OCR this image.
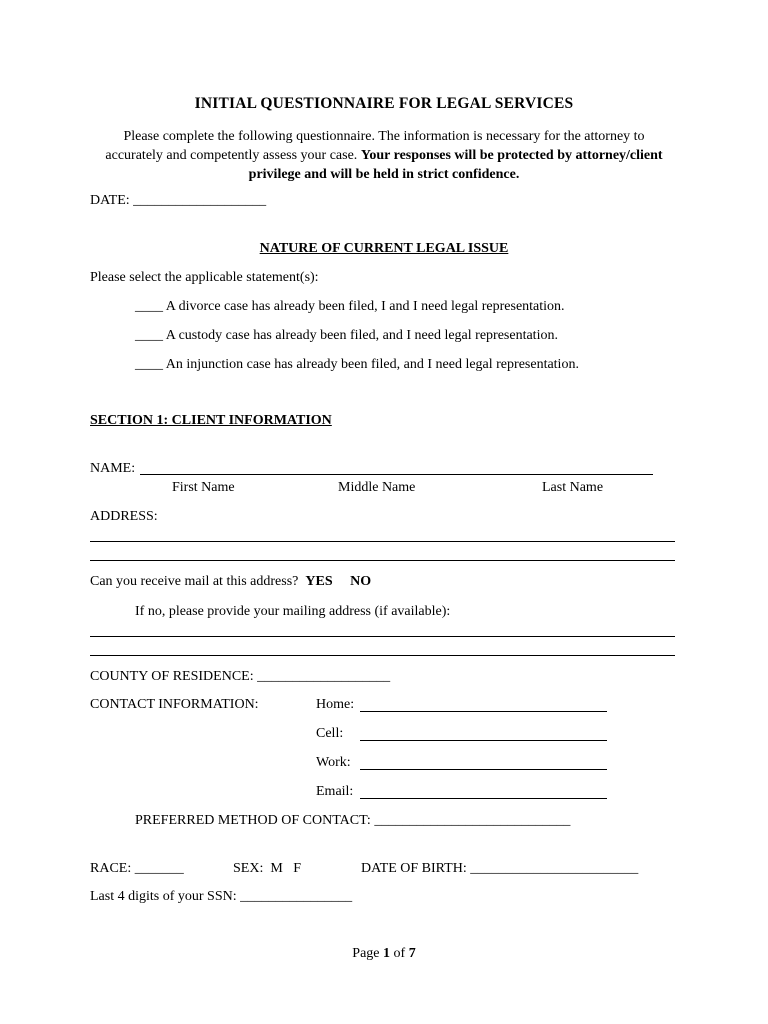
INITIAL QUESTIONNAIRE FOR LEGAL SERVICES
Please complete the following questionnaire. The information is necessary for the attorney to
accurately and competently assess your case. Your responses will be protected by attorney/client
privilege and will be held in strict confidence.
DATE: ___________________
NATURE OF CURRENT LEGAL ISSUE
Please select the applicable statement(s):
____ A divorce case has already been filed, I and I need legal representation.
____ A custody case has already been filed, and I need legal representation.
____ An injunction case has already been filed, and I need legal representation.
SECTION 1: CLIENT INFORMATION
NAME:
First Name	Middle Name	Last Name
ADDRESS:
Can you receive mail at this address?  YES NO
If no, please provide your mailing address (if available):
COUNTY OF RESIDENCE: ___________________
CONTACT INFORMATION:	Home:
Cell:
Work:
Email:
PREFERRED METHOD OF CONTACT: ____________________________
RACE: _______	SEX:  M   F	DATE OF BIRTH: ________________________
Last 4 digits of your SSN: ________________
Page 1 of 7
